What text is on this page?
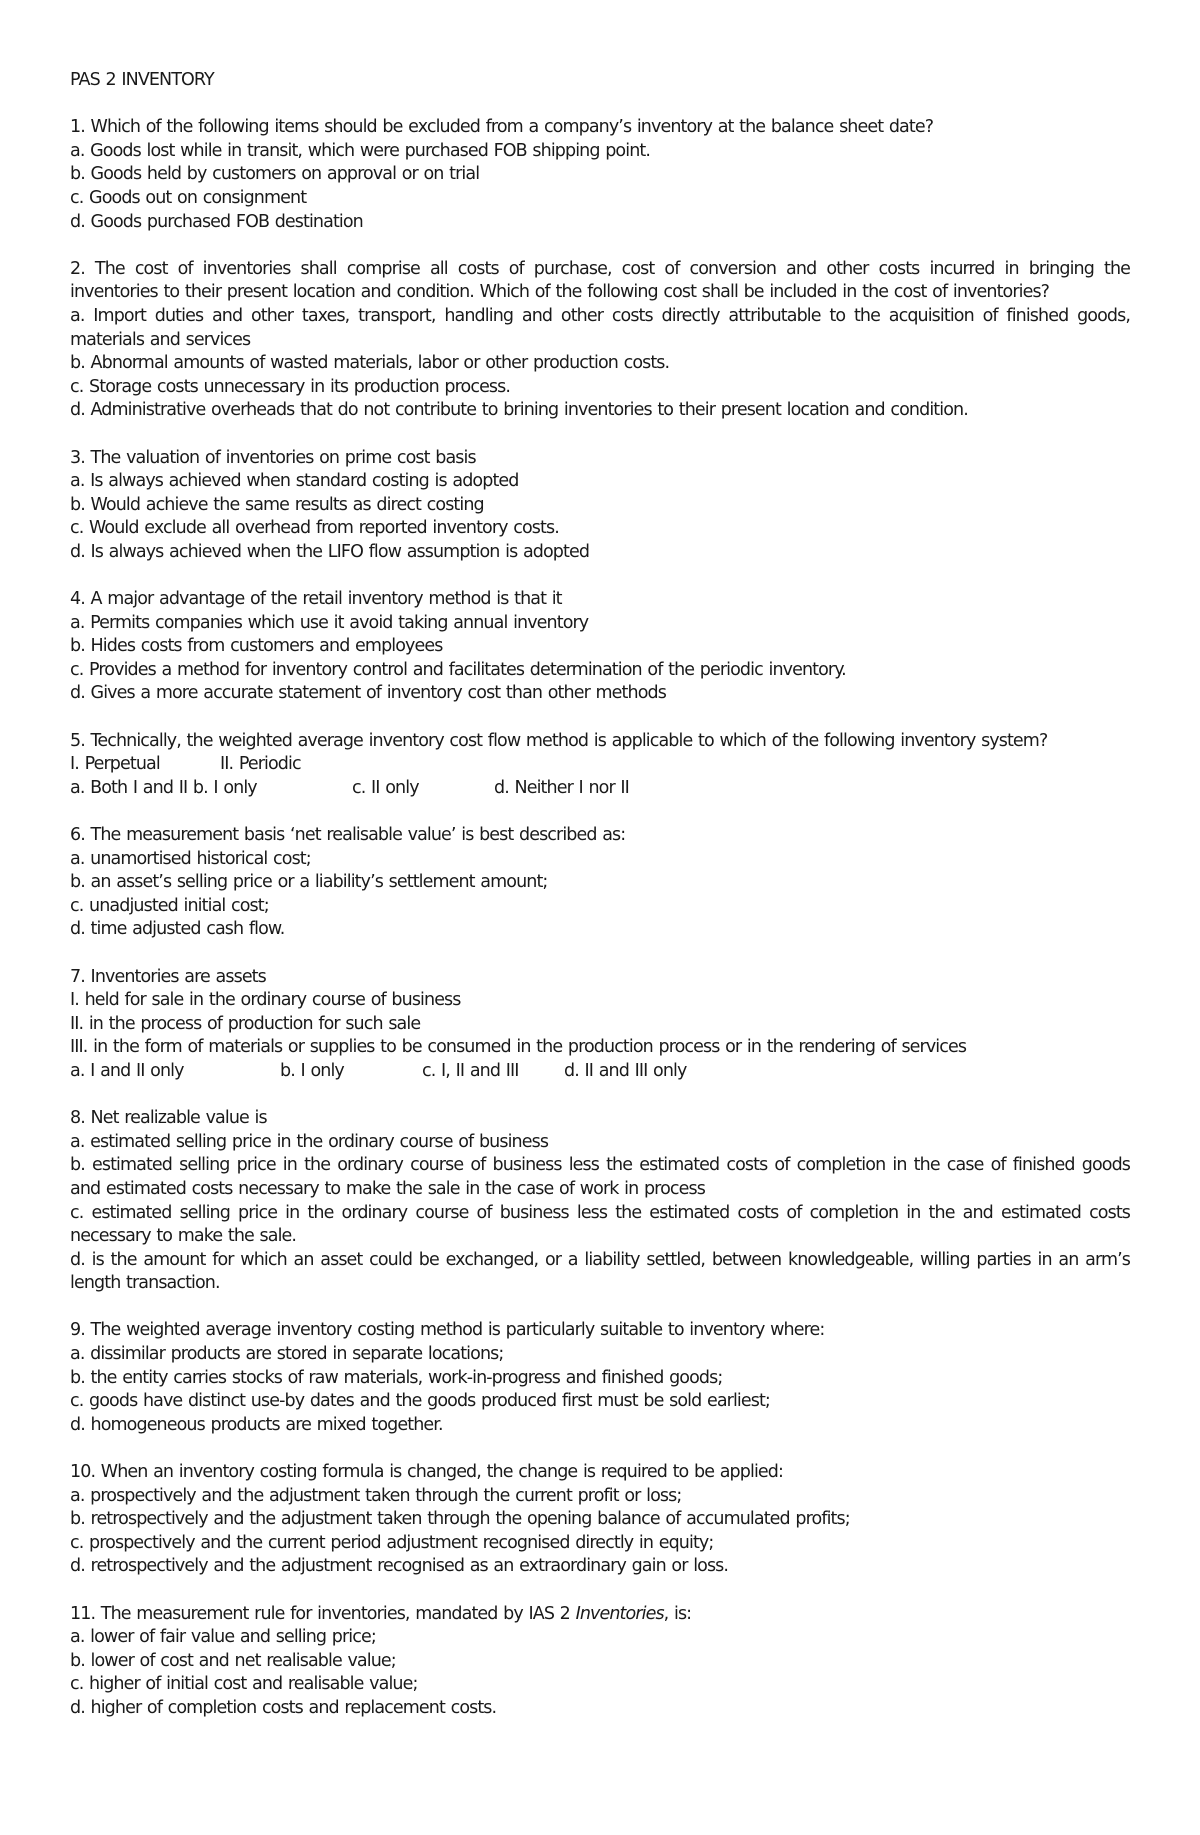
PAS 2 INVENTORY
1. Which of the following items should be excluded from a company’s inventory at the balance sheet date?
a. Goods lost while in transit, which were purchased FOB shipping point.
b. Goods held by customers on approval or on trial
c. Goods out on consignment
d. Goods purchased FOB destination
2. The cost of inventories shall comprise all costs of purchase, cost of conversion and other costs incurred in bringing the inventories to their present location and condition. Which of the following cost shall be included in the cost of inventories?
a. Import duties and other taxes, transport, handling and other costs directly attributable to the acquisition of finished goods, materials and services
b. Abnormal amounts of wasted materials, labor or other production costs.
c. Storage costs unnecessary in its production process.
d. Administrative overheads that do not contribute to brining inventories to their present location and condition.
3. The valuation of inventories on prime cost basis
a. Is always achieved when standard costing is adopted
b. Would achieve the same results as direct costing
c. Would exclude all overhead from reported inventory costs.
d. Is always achieved when the LIFO flow assumption is adopted
4. A major advantage of the retail inventory method is that it
a. Permits companies which use it avoid taking annual inventory
b. Hides costs from customers and employees
c. Provides a method for inventory control and facilitates determination of the periodic inventory.
d. Gives a more accurate statement of inventory cost than other methods
5. Technically, the weighted average inventory cost flow method is applicable to which of the following inventory system?
I. Perpetual	II. Periodic
a. Both I and II b. I only	c. II only	d. Neither I nor II
6. The measurement basis ‘net realisable value’ is best described as:
a. unamortised historical cost;
b. an asset’s selling price or a liability’s settlement amount;
c. unadjusted initial cost;
d. time adjusted cash flow.
7. Inventories are assets
I. held for sale in the ordinary course of business
II. in the process of production for such sale
III. in the form of materials or supplies to be consumed in the production process or in the rendering of services
a. I and II only	b. I only	c. I, II and III	d. II and III only
8. Net realizable value is
a. estimated selling price in the ordinary course of business
b. estimated selling price in the ordinary course of business less the estimated costs of completion in the case of finished goods and estimated costs necessary to make the sale in the case of work in process
c. estimated selling price in the ordinary course of business less the estimated costs of completion in the and estimated costs necessary to make the sale.
d. is the amount for which an asset could be exchanged, or a liability settled, between knowledgeable, willing parties in an arm’s length transaction.
9. The weighted average inventory costing method is particularly suitable to inventory where:
a. dissimilar products are stored in separate locations;
b. the entity carries stocks of raw materials, work-in-progress and finished goods;
c. goods have distinct use-by dates and the goods produced first must be sold earliest;
d. homogeneous products are mixed together.
10. When an inventory costing formula is changed, the change is required to be applied:
a. prospectively and the adjustment taken through the current profit or loss;
b. retrospectively and the adjustment taken through the opening balance of accumulated profits;
c. prospectively and the current period adjustment recognised directly in equity;
d. retrospectively and the adjustment recognised as an extraordinary gain or loss.
11. The measurement rule for inventories, mandated by IAS 2 Inventories, is:
a. lower of fair value and selling price;
b. lower of cost and net realisable value;
c. higher of initial cost and realisable value;
d. higher of completion costs and replacement costs.
